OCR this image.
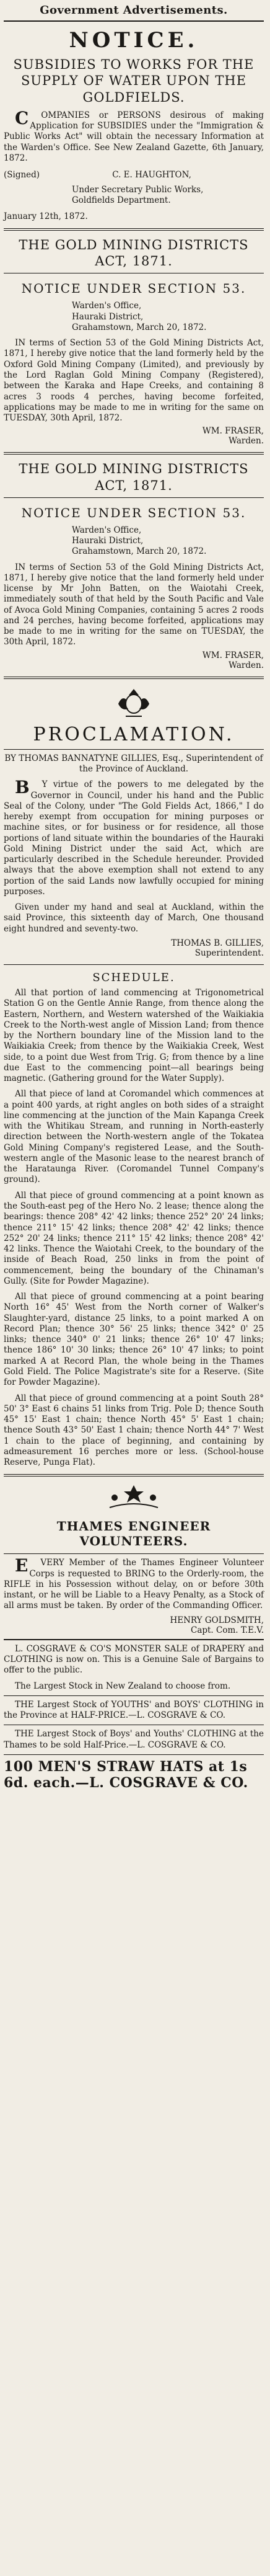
Government Advertisements.
NOTICE.
SUBSIDIES TO WORKS FOR THE SUPPLY OF WATER UPON THE GOLDFIELDS.

COMPANIES or PERSONS desirous of making Application for SUBSIDIES under the "Immigration & Public Works Act" will obtain the necessary Information at the Warden's Office. See New Zealand Gazette, 6th January, 1872.

(Signed)	C. E. HAUGHTON,
Under Secretary Public Works,
Goldfields Department.

January 12th, 1872.

THE GOLD MINING DISTRICTS ACT, 1871.
NOTICE UNDER SECTION 53.
Warden's Office,
Hauraki District,
Grahamstown, March 20, 1872.

IN terms of Section 53 of the Gold Mining Districts Act, 1871, I hereby give notice that the land formerly held by the Oxford Gold Mining Company (Limited), and previously by the Lord Raglan Gold Mining Company (Registered), between the Karaka and Hape Creeks, and containing 8 acres 3 roods 4 perches, having become forfeited, applications may be made to me in writing for the same on TUESDAY, 30th April, 1872.

WM. FRASER,
Warden.
THE GOLD MINING DISTRICTS ACT, 1871.
NOTICE UNDER SECTION 53.
Warden's Office,
Hauraki District,
Grahamstown, March 20, 1872.

IN terms of Section 53 of the Gold Mining Districts Act, 1871, I hereby give notice that the land formerly held under license by Mr John Batten, on the Waiotahi Creek, immediately south of that held by the South Pacific and Vale of Avoca Gold Mining Companies, containing 5 acres 2 roods and 24 perches, having become forfeited, applications may be made to me in writing for the same on TUESDAY, the 30th April, 1872.

WM. FRASER,
Warden.
PROCLAMATION.

BY THOMAS BANNATYNE GILLIES, Esq., Superintendent of the Province of Auckland.

BY virtue of the powers to me delegated by the Governor in Council, under his hand and the Public Seal of the Colony, under "The Gold Fields Act, 1866," I do hereby exempt from occupation for mining purposes or machine sites, or for business or for residence, all those portions of land situate within the boundaries of the Hauraki Gold Mining District under the said Act, which are particularly described in the Schedule hereunder. Provided always that the above exemption shall not extend to any portion of the said Lands now lawfully occupied for mining purposes.

Given under my hand and seal at Auckland, within the said Province, this sixteenth day of March, One thousand eight hundred and seventy-two.

THOMAS B. GILLIES,
Superintendent.
SCHEDULE.

All that portion of land commencing at Trigonometrical Station G on the Gentle Annie Range, from thence along the Eastern, Northern, and Western watershed of the Waikiakia Creek to the North-west angle of Mission Land; from thence by the Northern boundary line of the Mission land to the Waikiakia Creek; from thence by the Waikiakia Creek, West side, to a point due West from Trig. G; from thence by a line due East to the commencing point—all bearings being magnetic. (Gathering ground for the Water Supply).

All that piece of land at Coromandel which commences at a point 400 yards, at right angles on both sides of a straight line commencing at the junction of the Main Kapanga Creek with the Whitikau Stream, and running in North-easterly direction between the North-western angle of the Tokatea Gold Mining Company's registered Lease, and the South-western angle of the Masonic lease to the nearest branch of the Harataunga River. (Coromandel Tunnel Company's ground).

All that piece of ground commencing at a point known as the South-east peg of the Hero No. 2 lease; thence along the bearings: thence 208° 42' 42 links; thence 252° 20' 24 links; thence 211° 15' 42 links; thence 208° 42' 42 links; thence 252° 20' 24 links; thence 211° 15' 42 links; thence 208° 42' 42 links. Thence the Waiotahi Creek, to the boundary of the inside of Beach Road, 250 links in from the point of commencement, being the boundary of the Chinaman's Gully. (Site for Powder Magazine).

All that piece of ground commencing at a point bearing North 16° 45' West from the North corner of Walker's Slaughter-yard, distance 25 links, to a point marked A on Record Plan; thence 30° 56' 25 links; thence 342° 0' 25 links; thence 340° 0' 21 links; thence 26° 10' 47 links; thence 186° 10' 30 links; thence 26° 10' 47 links; to point marked A at Record Plan, the whole being in the Thames Gold Field. The Police Magistrate's site for a Reserve. (Site for Powder Magazine).

All that piece of ground commencing at a point South 28° 50' 3° East 6 chains 51 links from Trig. Pole D; thence South 45° 15' East 1 chain; thence North 45° 5' East 1 chain; thence South 43° 50' East 1 chain; thence North 44° 7' West 1 chain to the place of beginning, and containing by admeasurement 16 perches more or less. (School-house Reserve, Punga Flat).

THAMES ENGINEER VOLUNTEERS.

EVERY Member of the Thames Engineer Volunteer Corps is requested to BRING to the Orderly-room, the RIFLE in his Possession without delay, on or before 30th instant, or he will be Liable to a Heavy Penalty, as a Stock of all arms must be taken. By order of the Commanding Officer.

HENRY GOLDSMITH,
Capt. Com. T.E.V.

L. COSGRAVE & CO'S MONSTER SALE of DRAPERY and CLOTHING is now on. This is a Genuine Sale of Bargains to offer to the public.

The Largest Stock in New Zealand to choose from.

THE Largest Stock of YOUTHS' and BOYS' CLOTHING in the Province at HALF-PRICE.—L. COSGRAVE & CO.

THE Largest Stock of Boys' and Youths' CLOTHING at the Thames to be sold Half-Price.—L. COSGRAVE & CO.

100 MEN'S STRAW HATS at 1s 6d. each.—L. COSGRAVE & CO.
